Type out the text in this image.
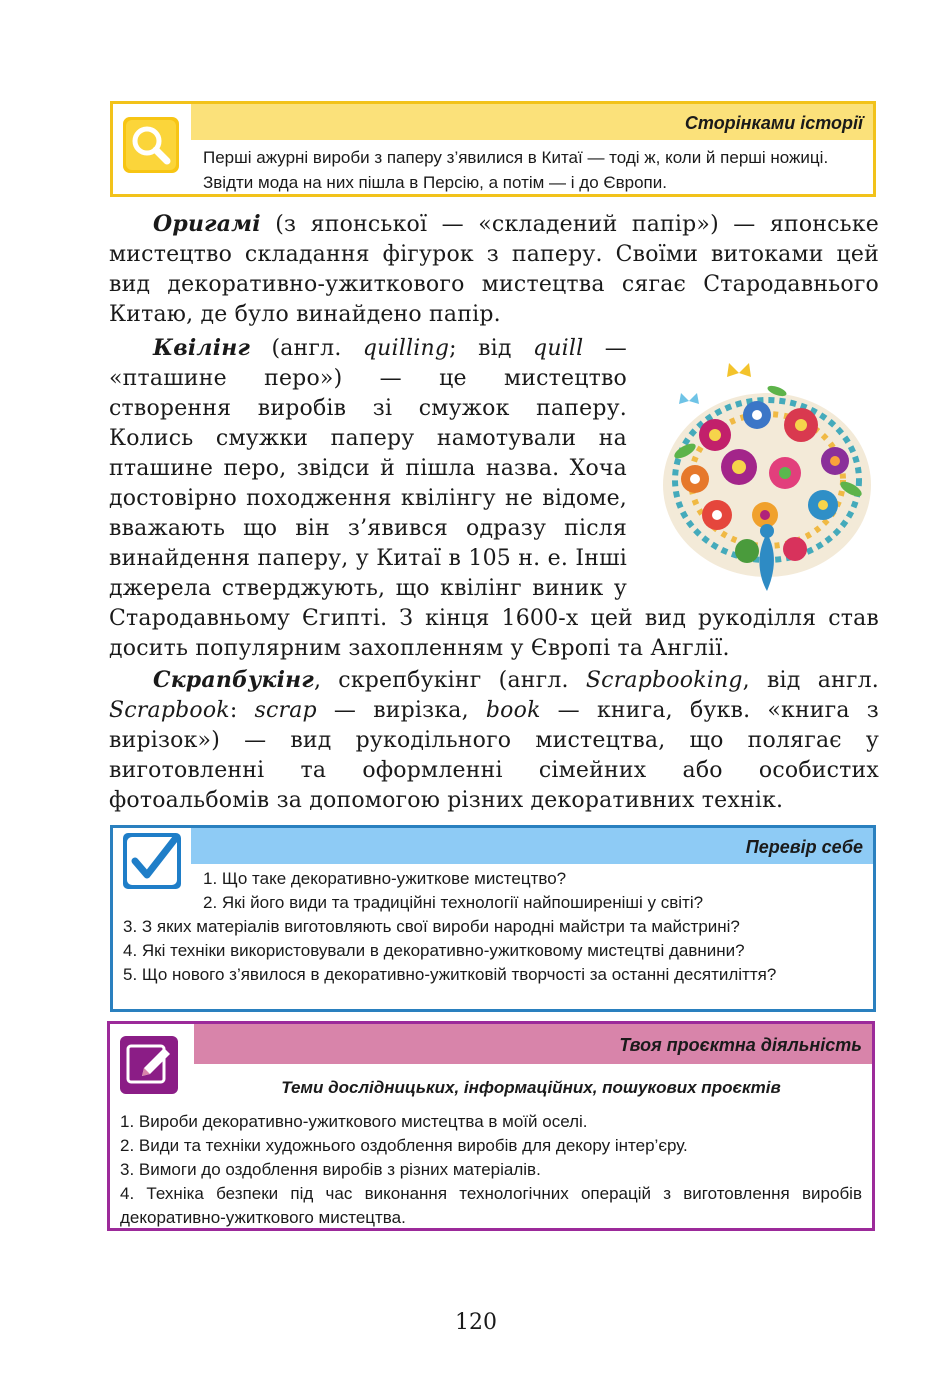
Сторінками історії
Перші ажурні вироби з паперу з’явилися в Китаї — тоді ж, коли й перші ножиці. Звідти мода на них пішла в Персію, а потім — і до Європи.

Оригамі (з японської — «складений папір») — японське мистецтво складання фігурок з паперу. Своїми витоками цей вид декоративно-ужиткового мистецтва сягає Стародавнього Китаю, де було винайдено папір.

Квілінг (англ. quilling; від quill — «пташине перо») — це мистецтво створення виробів зі смужок паперу. Колись смужки паперу намотували на пташине перо, звідси й пішла назва. Хоча достовірно походження квілінгу не відоме, вважають що він з’явився одразу після винайдення паперу, у Китаї в 105 н. е. Інші джерела стверджують, що квілінг виник у Стародавньому Єгипті. З кінця 1600-х цей вид рукоділля став досить популярним захопленням у Європі та Англії.

Скрапбукінг, скрепбукінг (англ. Scrapbooking, від англ. Scrapbook: scrap — вирізка, book — книга, букв. «книга з вирізок») — вид рукодільного мистецтва, що полягає у виготовленні та оформленні сімейних або особистих фотоальбомів за допомогою різних декоративних технік.

Перевір себе
1. Що таке декоративно-ужиткове мистецтво?
2. Які його види та традиційні технології найпоширеніші у світі?
3. З яких матеріалів виготовляють свої вироби народні майстри та майстрині?
4. Які техніки використовували в декоративно-ужитковому мистецтві давнини?
5. Що нового з’явилося в декоративно-ужитковій творчості за останні десятиліття?
Твоя проєктна діяльність
Теми дослідницьких, інформаційних, пошукових проєктів
1. Вироби декоративно-ужиткового мистецтва в моїй оселі.
2. Види та техніки художнього оздоблення виробів для декору інтер’єру.
3. Вимоги до оздоблення виробів з різних матеріалів.
4. Техніка безпеки під час виконання технологічних операцій з виготовлення виробів декоративно-ужиткового мистецтва.
120
